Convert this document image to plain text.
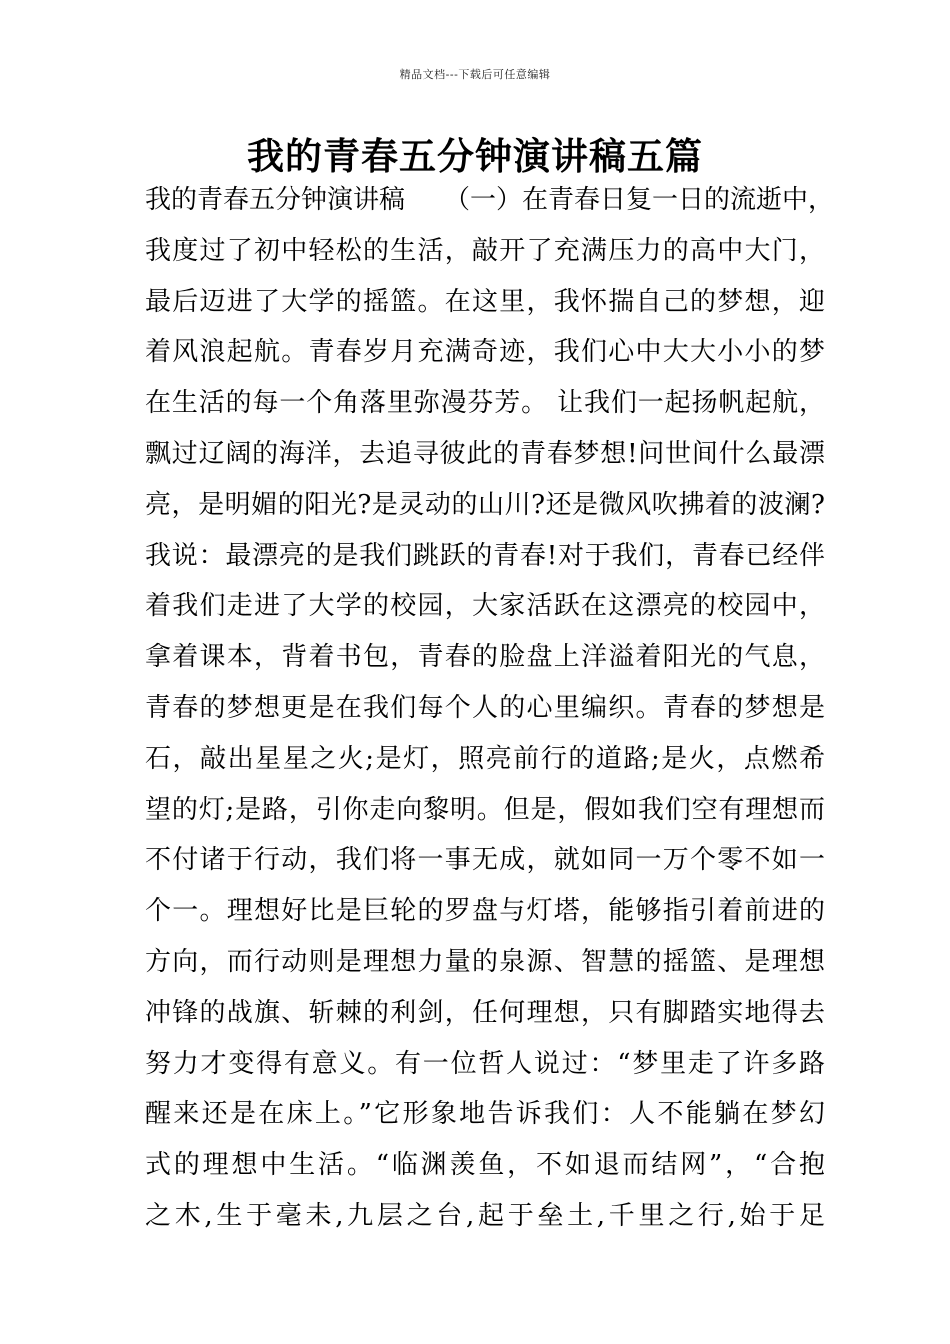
精品文档---下载后可任意编辑
我的青春五分钟演讲稿五篇
我的青春五分钟演讲稿　　（一）在青春日复一日的流逝中，
我度过了初中轻松的生活，敲开了充满压力的高中大门，
最后迈进了大学的摇篮。在这里，我怀揣自己的梦想，迎
着风浪起航。青春岁月充满奇迹，我们心中大大小小的梦
在生活的每一个角落里弥漫芬芳。 让我们一起扬帆起航，
飘过辽阔的海洋，去追寻彼此的青春梦想!问世间什么最漂
亮，是明媚的阳光?是灵动的山川?还是微风吹拂着的波澜?
我说：最漂亮的是我们跳跃的青春!对于我们，青春已经伴
着我们走进了大学的校园，大家活跃在这漂亮的校园中，
拿着课本，背着书包，青春的脸盘上洋溢着阳光的气息，
青春的梦想更是在我们每个人的心里编织。青春的梦想是
石，敲出星星之火;是灯，照亮前行的道路;是火，点燃希
望的灯;是路，引你走向黎明。但是，假如我们空有理想而
不付诸于行动，我们将一事无成，就如同一万个零不如一
个一。理想好比是巨轮的罗盘与灯塔，能够指引着前进的
方向，而行动则是理想力量的泉源、智慧的摇篮、是理想
冲锋的战旗、斩棘的利剑，任何理想，只有脚踏实地得去
努力才变得有意义。有一位哲人说过：“梦里走了许多路
醒来还是在床上。”它形象地告诉我们：人不能躺在梦幻
式的理想中生活。“临渊羡鱼，不如退而结网”，“合抱
之木,生于毫未,九层之台,起于垒土,千里之行,始于足
